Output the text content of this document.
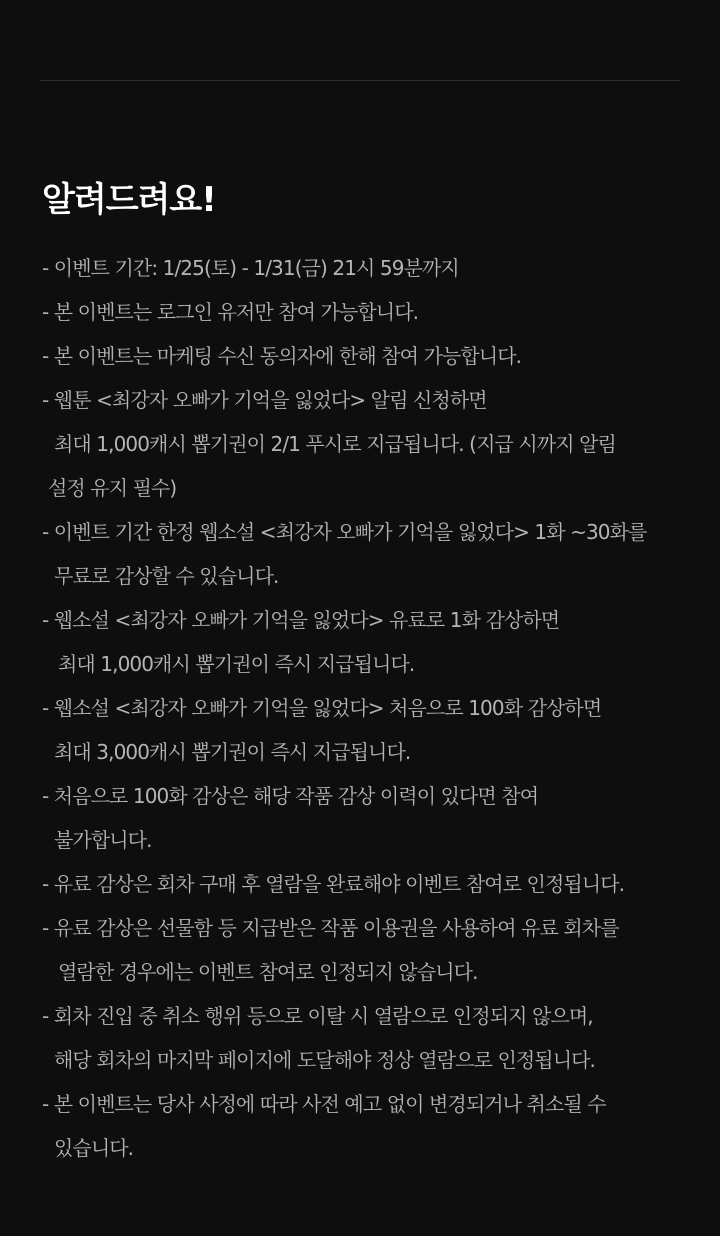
알려드려요!
- 이벤트 기간: 1/25(토) - 1/31(금) 21시 59분까지
- 본 이벤트는 로그인 유저만 참여 가능합니다.
- 본 이벤트는 마케팅 수신 동의자에 한해 참여 가능합니다.
- 웹툰 <최강자 오빠가 기억을 잃었다> 알림 신청하면
최대 1,000캐시 뽑기권이 2/1 푸시로 지급됩니다. (지급 시까지 알림
설정 유지 필수)
- 이벤트 기간 한정 웹소설 <최강자 오빠가 기억을 잃었다> 1화 ~30화를
무료로 감상할 수 있습니다.
- 웹소설 <최강자 오빠가 기억을 잃었다> 유료로 1화 감상하면
최대 1,000캐시 뽑기권이 즉시 지급됩니다.
- 웹소설 <최강자 오빠가 기억을 잃었다> 처음으로 100화 감상하면
최대 3,000캐시 뽑기권이 즉시 지급됩니다.
- 처음으로 100화 감상은 해당 작품 감상 이력이 있다면 참여
불가합니다.
- 유료 감상은 회차 구매 후 열람을 완료해야 이벤트 참여로 인정됩니다.
- 유료 감상은 선물함 등 지급받은 작품 이용권을 사용하여 유료 회차를
열람한 경우에는 이벤트 참여로 인정되지 않습니다.
- 회차 진입 중 취소 행위 등으로 이탈 시 열람으로 인정되지 않으며,
해당 회차의 마지막 페이지에 도달해야 정상 열람으로 인정됩니다.
- 본 이벤트는 당사 사정에 따라 사전 예고 없이 변경되거나 취소될 수
있습니다.
